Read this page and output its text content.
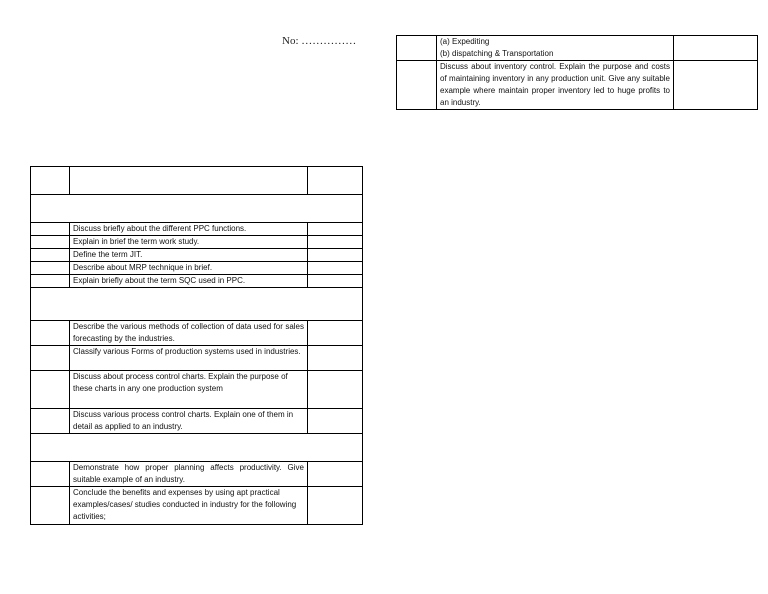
No: ……………

	(a) Expediting
(b) dispatching & Transportation	

	Discuss about inventory control. Explain the purpose and costs of maintaining inventory in any production unit. Give any suitable example where maintain proper inventory led to huge profits to an industry.	

	Discuss briefly about the different PPC functions.	
	Explain in brief the term work study.	
	Define the term JIT.	
	Describe about MRP technique in brief.	
	Explain briefly about the term SQC used in PPC.	

	Describe the various methods of collection of data used for sales forecasting by the industries.	
	Classify various Forms of production systems used in industries.	
	Discuss about process control charts. Explain the purpose of these charts in any one production system	
	Discuss various process control charts. Explain one of them in detail as applied to an industry.	

	Demonstrate how proper planning affects productivity. Give suitable example of an industry.	
	Conclude the benefits and expenses by using apt practical examples/cases/ studies conducted in industry for the following activities;	
